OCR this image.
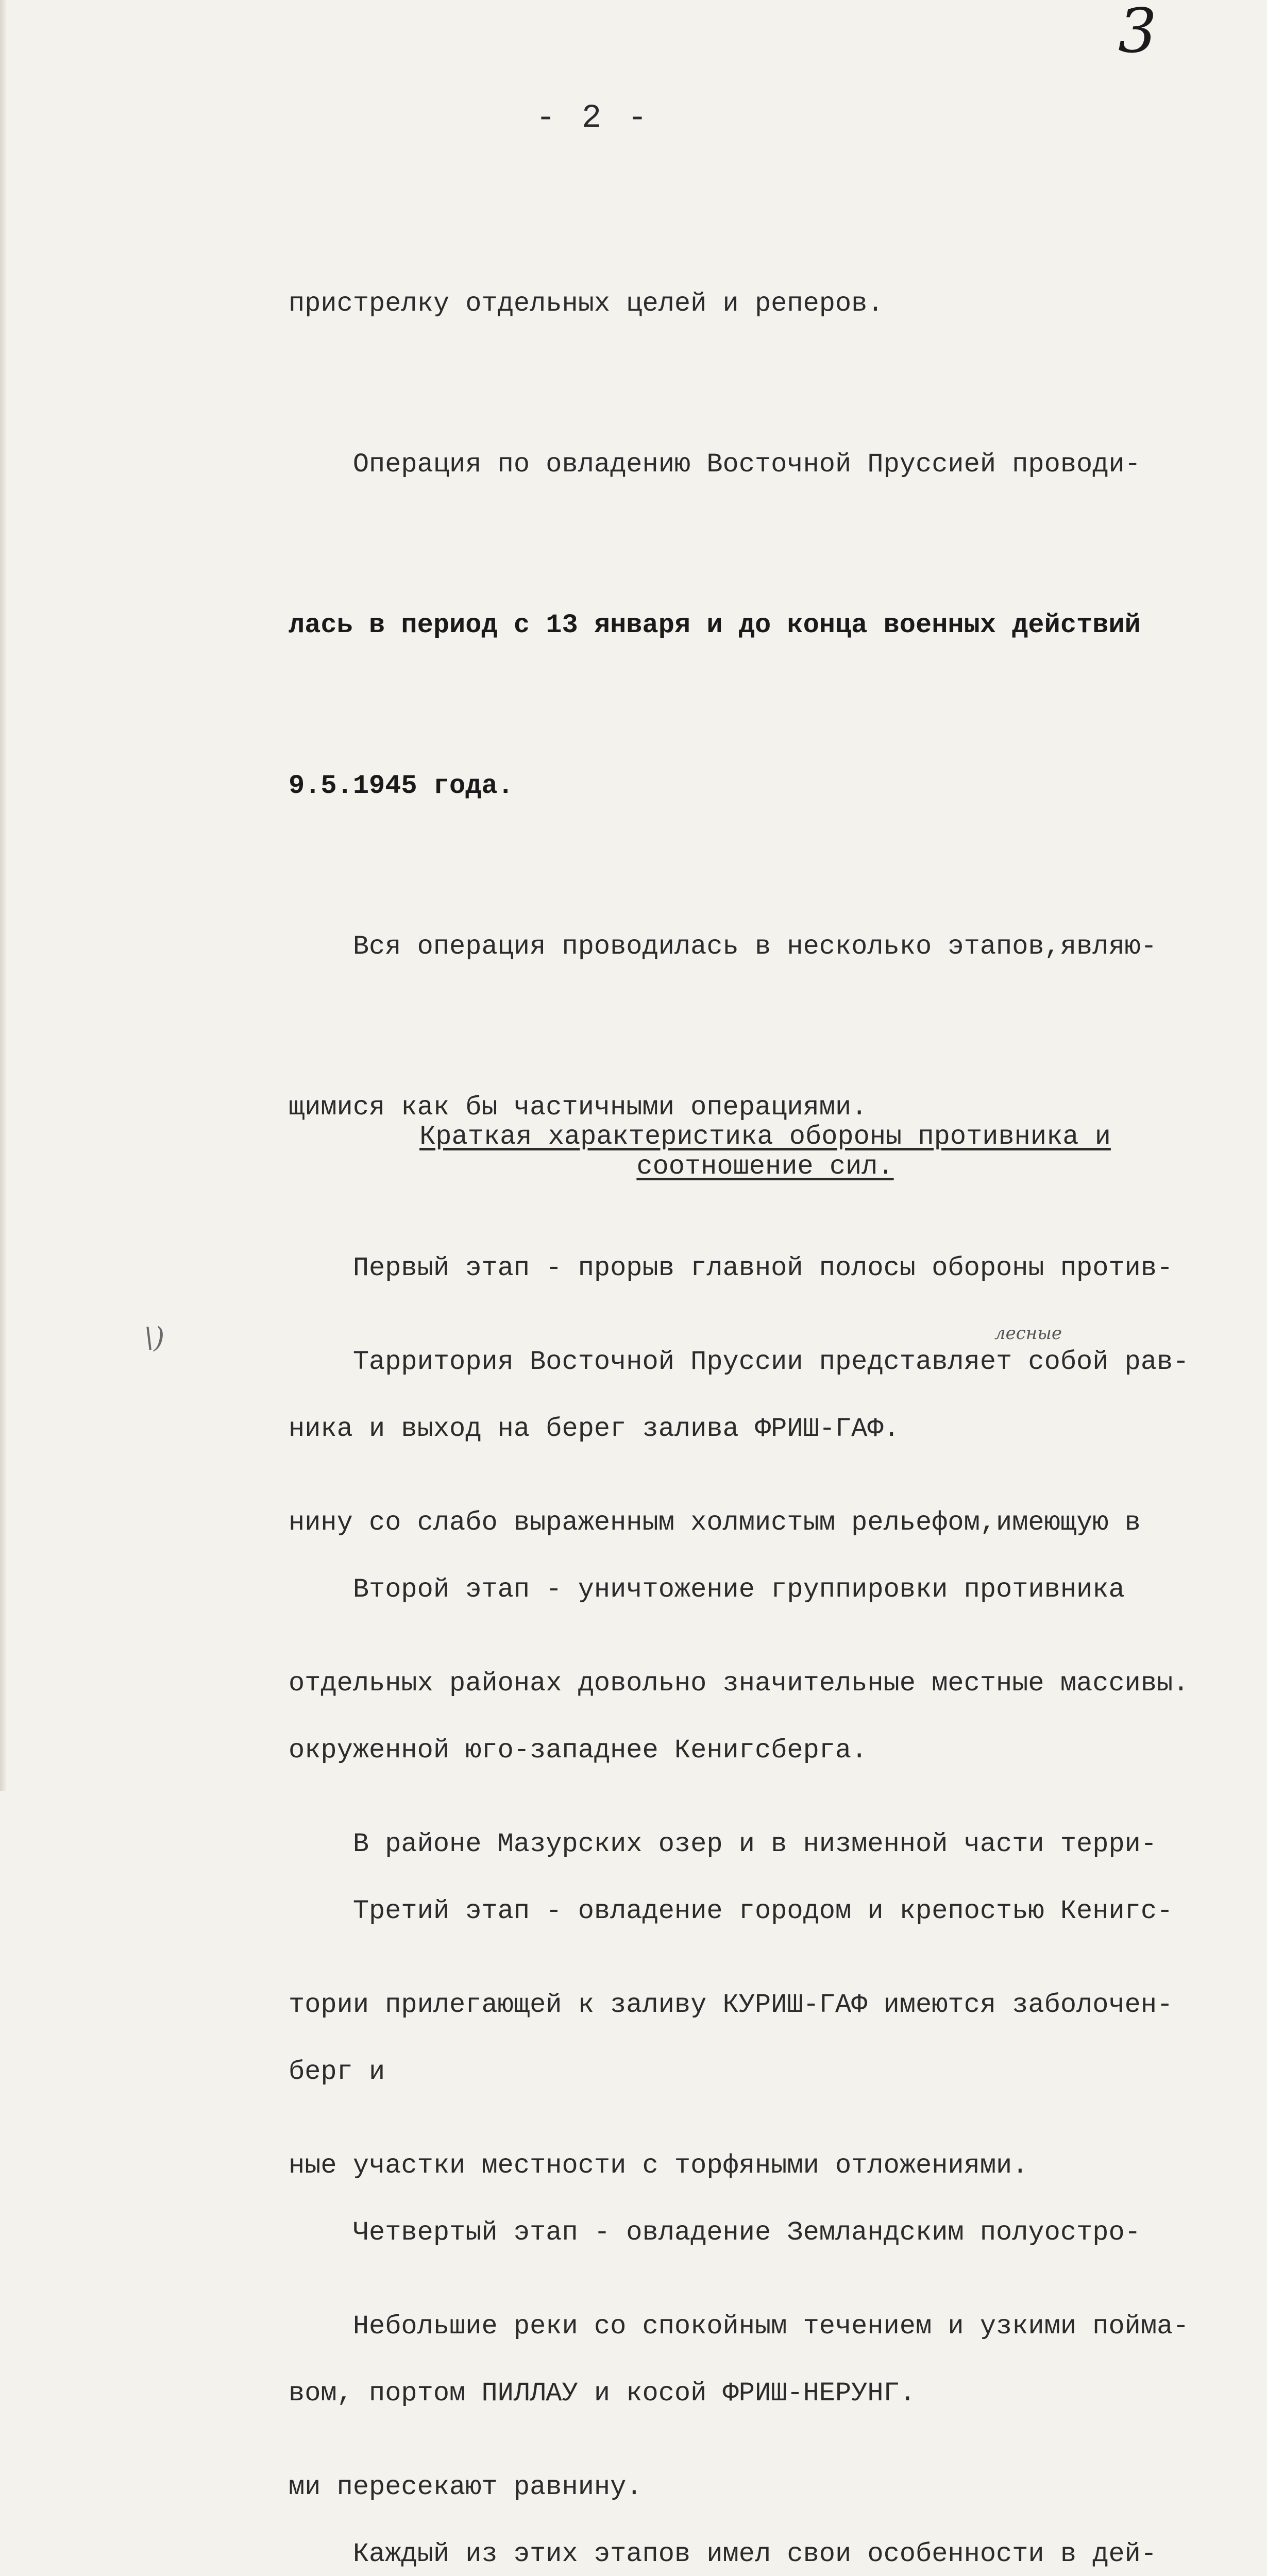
3
- 2 -

пристрелку отдельных целей и реперов.

Операция по овладению Восточной Пруссией проводи-

лась в период с 13 января и до конца военных действий

9.5.1945 года.

Вся операция проводилась в несколько этапов,являю-

щимися как бы частичными операциями.

Первый этап - прорыв главной полосы обороны против-

ника и выход на берег залива ФРИШ-ГАФ.

Второй этап - уничтожение группировки противника

окруженной юго-западнее Кенигсберга.

Третий этап - овладение городом и крепостью Кенигс-

берг и

Четвертый этап - овладение Земландским полуостро-

вом, портом ПИЛЛАУ и косой ФРИШ-НЕРУНГ.

Каждый из этих этапов имел свои особенности в дей-

Краткая характеристика обороны противника и
соотношение сил.

Тарритория Восточной Пруссии представляет собой рав-

нину со слабо выраженным холмистым рельефом,имеющую в

отдельных районах довольно значительные местные массивы.

В районе Мазурских озер и в низменной части терри-

тории прилегающей к заливу КУРИШ-ГАФ имеются заболочен-

ные участки местности с торфяными отложениями.

Небольшие реки со спокойным течением и узкими пойма-

ми пересекают равнину.

лесные
\)
